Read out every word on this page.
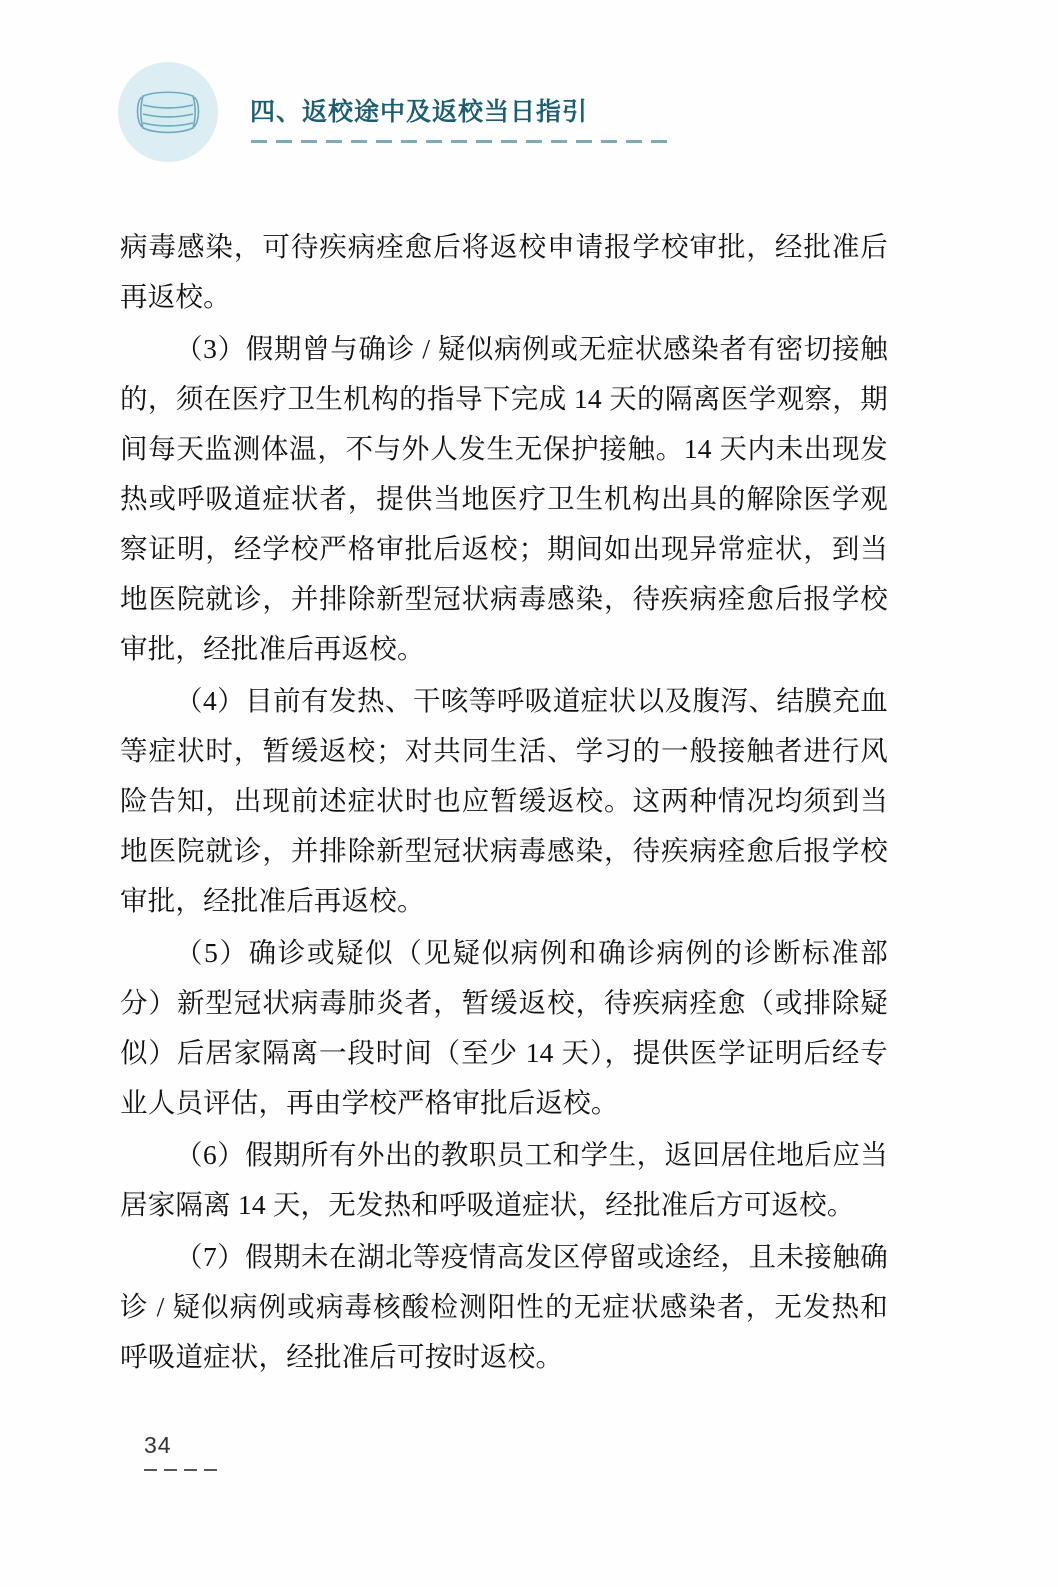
四、返校途中及返校当日指引

病毒感染，可待疾病痊愈后将返校申请报学校审批，经批准后再返校。

（3）假期曾与确诊 / 疑似病例或无症状感染者有密切接触的，须在医疗卫生机构的指导下完成 14 天的隔离医学观察，期间每天监测体温，不与外人发生无保护接触。14 天内未出现发热或呼吸道症状者，提供当地医疗卫生机构出具的解除医学观察证明，经学校严格审批后返校；期间如出现异常症状，到当地医院就诊，并排除新型冠状病毒感染，待疾病痊愈后报学校审批，经批准后再返校。

（4）目前有发热、干咳等呼吸道症状以及腹泻、结膜充血等症状时，暂缓返校；对共同生活、学习的一般接触者进行风险告知，出现前述症状时也应暂缓返校。这两种情况均须到当地医院就诊，并排除新型冠状病毒感染，待疾病痊愈后报学校审批，经批准后再返校。

（5）确诊或疑似（见疑似病例和确诊病例的诊断标准部分）新型冠状病毒肺炎者，暂缓返校，待疾病痊愈（或排除疑似）后居家隔离一段时间（至少 14 天），提供医学证明后经专业人员评估，再由学校严格审批后返校。

（6）假期所有外出的教职员工和学生，返回居住地后应当居家隔离 14 天，无发热和呼吸道症状，经批准后方可返校。

（7）假期未在湖北等疫情高发区停留或途经，且未接触确诊 / 疑似病例或病毒核酸检测阳性的无症状感染者，无发热和呼吸道症状，经批准后可按时返校。

34
